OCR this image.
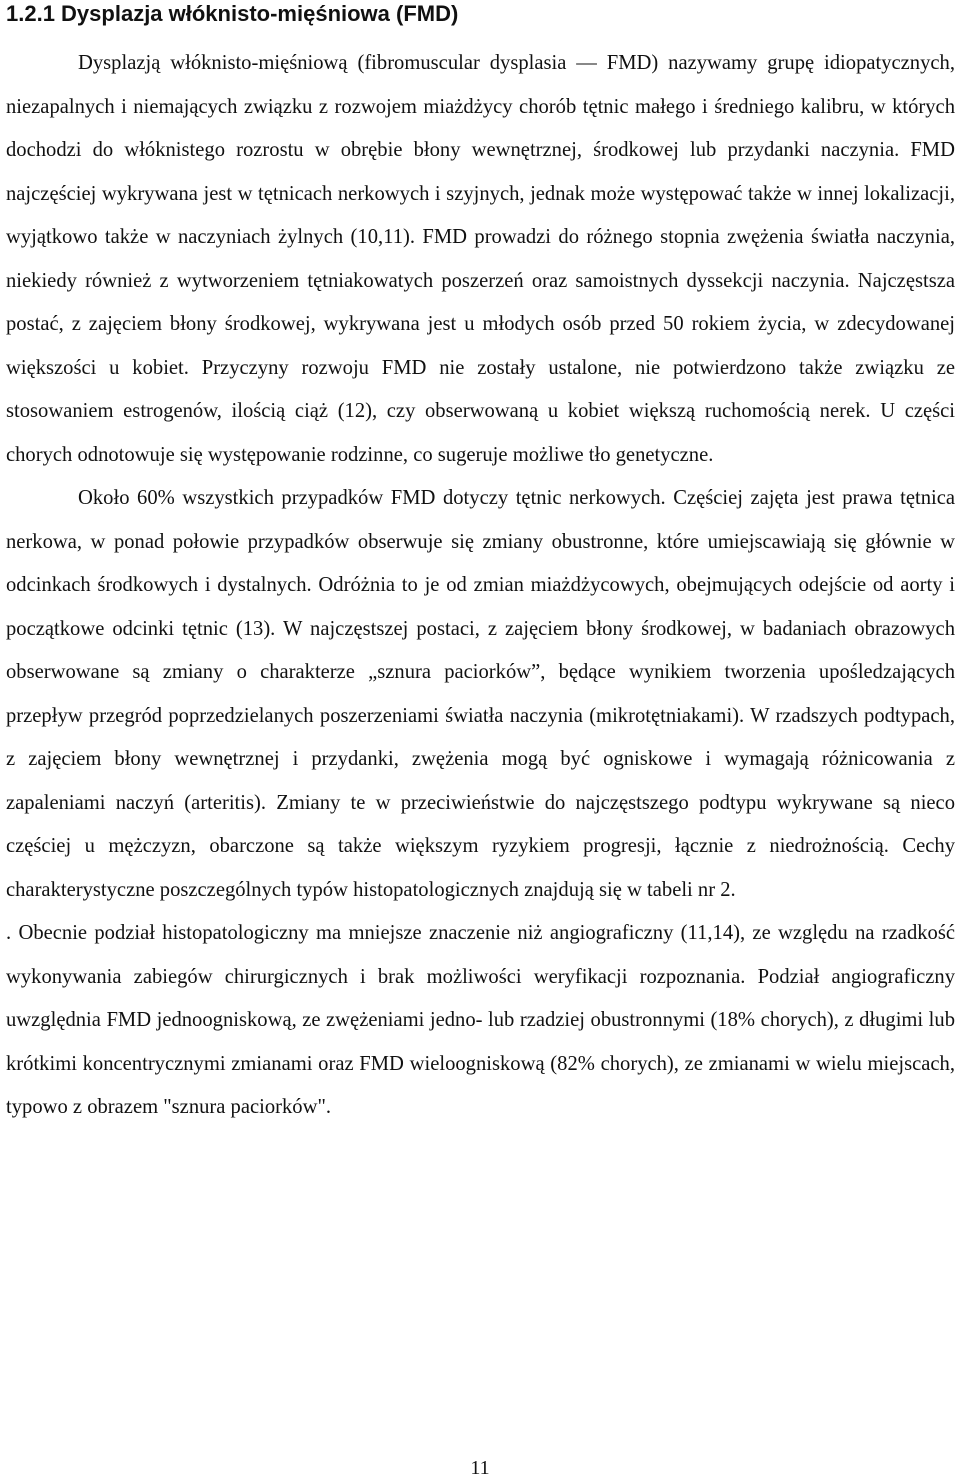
1.2.1 Dysplazja włóknisto-mięśniowa (FMD)

Dysplazją włóknisto-mięśniową (fibromuscular dysplasia — FMD) nazywamy grupę idiopatycznych, niezapalnych i niemających związku z rozwojem miażdżycy chorób tętnic małego i średniego kalibru, w których dochodzi do włóknistego rozrostu w obrębie błony wewnętrznej, środkowej lub przydanki naczynia. FMD najczęściej wykrywana jest w tętnicach nerkowych i szyjnych, jednak może występować także w innej lokalizacji, wyjątkowo także w naczyniach żylnych (10,11). FMD prowadzi do różnego stopnia zwężenia światła naczynia, niekiedy również z wytworzeniem tętniakowatych poszerzeń oraz samoistnych dyssekcji naczynia. Najczęstsza postać, z zajęciem błony środkowej, wykrywana jest u młodych osób przed 50 rokiem życia, w zdecydowanej większości u kobiet. Przyczyny rozwoju FMD nie zostały ustalone, nie potwierdzono także związku ze stosowaniem estrogenów, ilością ciąż (12), czy obserwowaną u kobiet większą ruchomością nerek. U części chorych odnotowuje się występowanie rodzinne, co sugeruje możliwe tło genetyczne.

Około 60% wszystkich przypadków FMD dotyczy tętnic nerkowych. Częściej zajęta jest prawa tętnica nerkowa, w ponad połowie przypadków obserwuje się zmiany obustronne, które umiejscawiają się głównie w odcinkach środkowych i dystalnych. Odróżnia to je od zmian miażdżycowych, obejmujących odejście od aorty i początkowe odcinki tętnic (13). W najczęstszej postaci, z zajęciem błony środkowej, w badaniach obrazowych obserwowane są zmiany o charakterze „sznura paciorków”, będące wynikiem tworzenia upośledzających przepływ przegród poprzedzielanych poszerzeniami światła naczynia (mikrotętniakami). W rzadszych podtypach, z zajęciem błony wewnętrznej i przydanki, zwężenia mogą być ogniskowe i wymagają różnicowania z zapaleniami naczyń (arteritis). Zmiany te w przeciwieństwie do najczęstszego podtypu wykrywane są nieco częściej u mężczyzn, obarczone są także większym ryzykiem progresji, łącznie z niedrożnością. Cechy charakterystyczne poszczególnych typów histopatologicznych znajdują się w tabeli nr 2.

. Obecnie podział histopatologiczny ma mniejsze znaczenie niż angiograficzny (11,14), ze względu na rzadkość wykonywania zabiegów chirurgicznych i brak możliwości weryfikacji rozpoznania. Podział angiograficzny uwzględnia FMD jednoogniskową, ze zwężeniami jedno- lub rzadziej obustronnymi (18% chorych), z długimi lub krótkimi koncentrycznymi zmianami oraz FMD wieloogniskową (82% chorych), ze zmianami w wielu miejscach, typowo z obrazem "sznura paciorków".

11
